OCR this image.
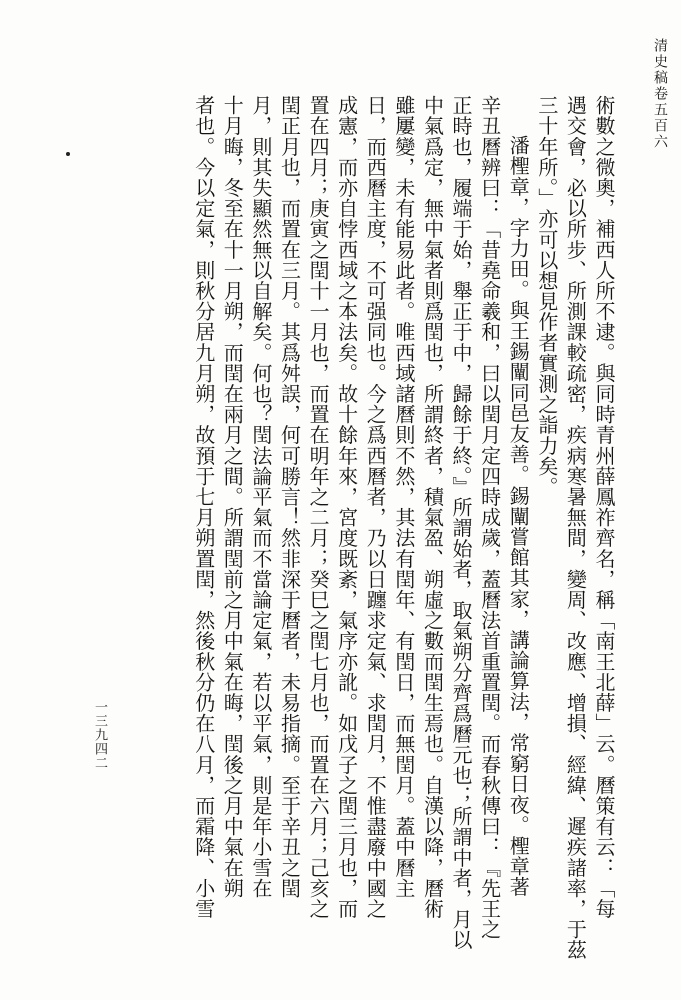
清史稿卷五百六
一三九四二	術數之微奧，補西人所不逮。與同時青州薛鳳祚齊名，稱「南王北薛」云。曆策有云：「每
遇交會，必以所步、所測課較疏密，疾病寒暑無間，變周、改應、增損、經緯、遲疾諸率，于茲
三十年所。」亦可以想見作者實測之詣力矣。
潘檉章，字力田。與王錫闡同邑友善。錫闡嘗館其家，講論算法，常窮日夜。檉章著
辛丑曆辨曰：「昔堯命羲和，曰以閏月定四時成歲，蓋曆法首重置閏。而春秋傳曰：『先王之
正時也，履端于始，舉正于中，歸餘于終。』所謂始者，取氣朔分齊爲曆元也；所謂中者，月以
中氣爲定，無中氣者則爲閏也，所謂終者，積氣盈、朔虛之數而閏生焉也。自漢以降，曆術
雖屢變，未有能易此者。唯西域諸曆則不然，其法有閏年、有閏日，而無閏月。蓋中曆主
日，而西曆主度，不可强同也。今之爲西曆者，乃以日躔求定氣、求閏月，不惟盡廢中國之
成憲，而亦自悖西域之本法矣。故十餘年來，宮度既紊，氣序亦訛。如戊子之閏三月也，而
置在四月；庚寅之閏十一月也，而置在明年之二月；癸巳之閏七月也，而置在六月；己亥之
閏正月也，而置在三月。其爲舛誤，何可勝言！然非深于曆者，未易指摘。至于辛丑之閏
月，則其失顯然無以自解矣。何也？閏法論平氣而不當論定氣，若以平氣，則是年小雪在
十月晦，冬至在十一月朔，而閏在兩月之間。所謂閏前之月中氣在晦，閏後之月中氣在朔
者也。今以定氣，則秋分居九月朔，故預于七月朔置閏，然後秋分仍在八月，而霜降、小雪
